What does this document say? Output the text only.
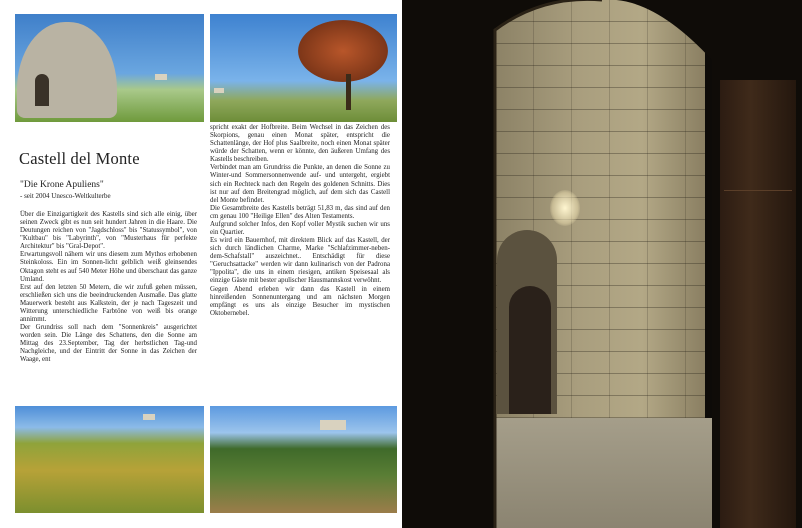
Castell del Monte
"Die Krone Apuliens"
- seit 2004 Unesco-Weltkulterbe

Über die Einzigartigkeit des Kastells sind sich alle einig, über seinen Zweck gibt es nun seit hundert Jahren in die Haare. Die Deutungen reichen von "Jagdschloss" bis "Statussymbol", von "Kultbau" bis "Labyrinth", von "Musterhaus für perfekte Architektur" bis "Gral-Depot".

Erwartungsvoll nähern wir uns diesem zum Mythos erhobenen Steinkoloss. Ein im Sonnen-licht gelblich weiß gleinsendes Oktagon steht es auf 540 Meter Höhe und überschaut das ganze Umland.

Erst auf den letzten 50 Metern, die wir zufuß gehen müssen, erschließen sich uns die beeindruckenden Ausmaße. Das glatte Mauerwerk besteht aus Kalkstein, der je nach Tageszeit und Witterung unterschiedliche Farbtöne von weiß bis orange annimmt.

Der Grundriss soll nach dem "Sonnenkreis" ausgerichtet worden sein. Die Länge des Schattens, den die Sonne am Mittag des 23.September, Tag der herbstlichen Tag-und Nachgleiche, und der Eintritt der Sonne in das Zeichen der Waage, ent

spricht exakt der Hofbreite. Beim Wechsel in das Zeichen des Skorpions, genau einen Monat später, entspricht die Schattenlänge, der Hof plus Saalbreite, noch einen Monat später würde der Schatten, wenn er könnte, den äußeren Umfang des Kastells beschreiben.

Verbindet man am Grundriss die Punkte, an denen die Sonne zu Winter-und Sommersonnenwende auf- und untergeht, ergiebt sich ein Rechteck nach den Regeln des goldenen Schnitts. Dies ist nur auf dem Breitengrad möglich, auf dem sich das Castell del Monte befindet.

Die Gesamtbreite des Kastells beträgt 51,83 m, das sind auf den cm genau 100 "Heilige Ellen" des Alten Testaments.

Aufgrund solcher Infos, den Kopf voller Mystik suchen wir uns ein Quartier.

Es wird ein Bauernhof, mit direktem Blick auf das Kastell, der sich durch ländlichen Charme, Marke "Schlafzimmer-neben-dem-Schafstall" auszeichnet.. Entschädigt für diese "Geruchsattacke" werden wir dann kulinarisch von der Padrona "Ippolita", die uns in einem riesigen, antiken Speisesaal als einzige Gäste mit bester apulischer Hausmannskost verwöhnt.

Gegen Abend erleben wir dann das Kastell in einem hinreißenden Sonnenuntergang und am nächsten Morgen empfängt es uns als einzige Besucher im mystischen Oktobernebel.
